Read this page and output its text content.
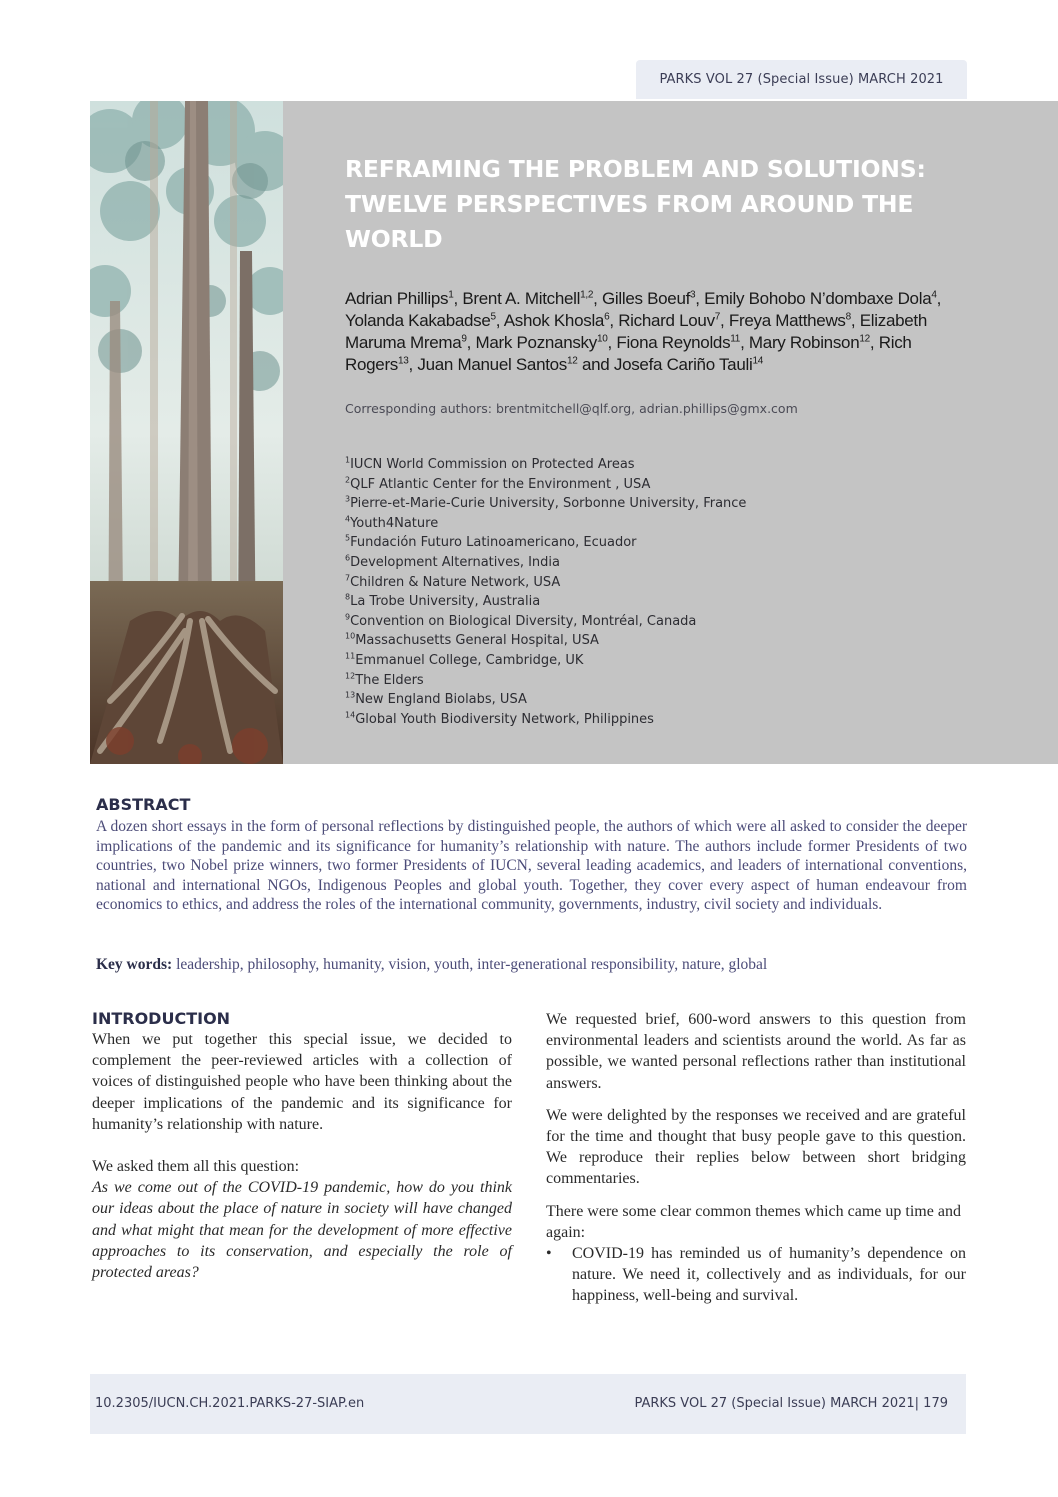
PARKS VOL 27 (Special Issue) MARCH 2021
REFRAMING THE PROBLEM AND SOLUTIONS:
TWELVE PERSPECTIVES FROM AROUND THE
WORLD

Adrian Phillips$^1$, Brent A. Mitchell$^{1,2}$, Gilles Boeuf$^3$, Emily Bohobo N’dombaxe Dola$^4$, Yolanda Kakabadse$^5$, Ashok Khosla$^6$, Richard Louv$^7$, Freya Matthews$^8$, Elizabeth Maruma Mrema$^9$, Mark Poznansky$^{10}$, Fiona Reynolds$^{11}$, Mary Robinson$^{12}$, Rich Rogers$^{13}$, Juan Manuel Santos$^{12}$ and Josefa Cariño Tauli$^{14}$

Corresponding authors: brentmitchell@qlf.org, adrian.phillips@gmx.com

$^1$IUCN World Commission on Protected Areas
$^2$QLF Atlantic Center for the Environment , USA
$^3$Pierre-et-Marie-Curie University, Sorbonne University, France
$^4$Youth4Nature
$^5$Fundación Futuro Latinoamericano, Ecuador
$^6$Development Alternatives, India
$^7$Children & Nature Network, USA
$^8$La Trobe University, Australia
$^9$Convention on Biological Diversity, Montréal, Canada
$^{10}$Massachusetts General Hospital, USA
$^{11}$Emmanuel College, Cambridge, UK
$^{12}$The Elders
$^{13}$New England Biolabs, USA
$^{14}$Global Youth Biodiversity Network, Philippines
ABSTRACT

A dozen short essays in the form of personal reflections by distinguished people, the authors of which were all asked to consider the deeper implications of the pandemic and its significance for humanity’s relationship with nature. The authors include former Presidents of two countries, two Nobel prize winners, two former Presidents of IUCN, several leading academics, and leaders of international conventions, national and international NGOs, Indigenous Peoples and global youth. Together, they cover every aspect of human endeavour from economics to ethics, and address the roles of the international community, governments, industry, civil society and individuals.

Key words: leadership, philosophy, humanity, vision, youth, inter-generational responsibility, nature, global

INTRODUCTION

When we put together this special issue, we decided to complement the peer-reviewed articles with a collection of voices of distinguished people who have been thinking about the deeper implications of the pandemic and its significance for humanity’s relationship with nature.

We asked them all this question:

As we come out of the COVID-19 pandemic, how do you think our ideas about the place of nature in society will have changed and what might that mean for the development of more effective approaches to its conservation, and especially the role of protected areas?

We requested brief, 600-word answers to this question from environmental leaders and scientists around the world. As far as possible, we wanted personal reflections rather than institutional answers.

We were delighted by the responses we received and are grateful for the time and thought that busy people gave to this question. We reproduce their replies below between short bridging commentaries.

There were some clear common themes which came up time and again:

•	COVID-19 has reminded us of humanity’s dependence on nature. We need it, collectively and as individuals, for our happiness, well-being and survival.

10.2305/IUCN.CH.2021.PARKS-27-SIAP.en	PARKS VOL 27 (Special Issue) MARCH 2021| 179
